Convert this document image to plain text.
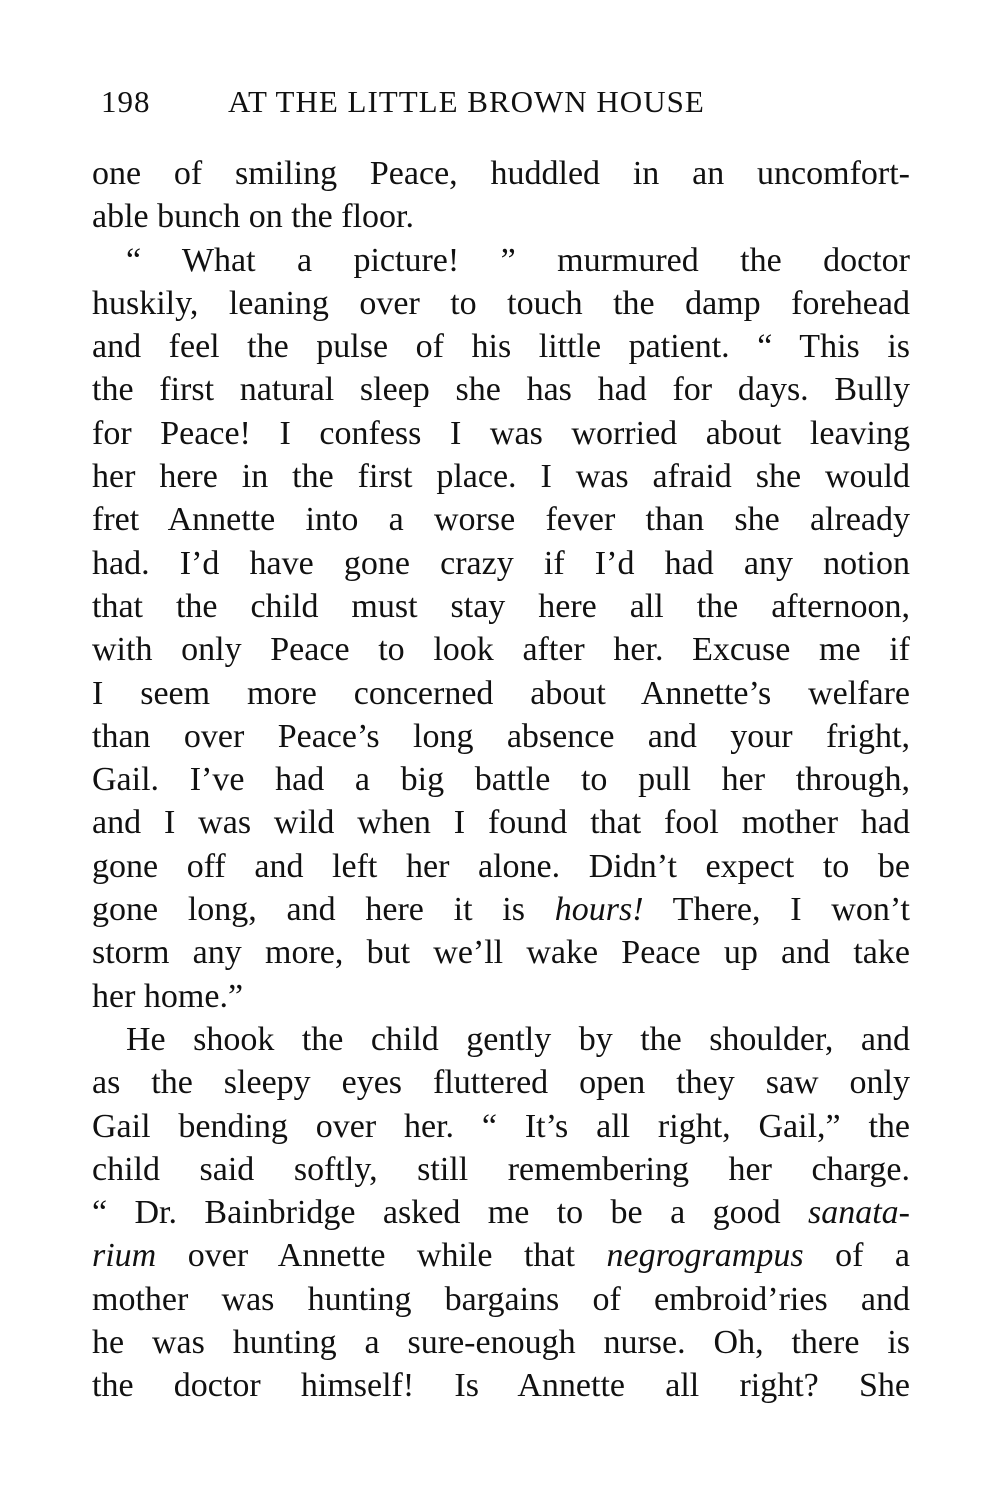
198	AT THE LITTLE BROWN HOUSE
one of smiling Peace, huddled in an uncomfort-
able bunch on the floor.
“ What a picture! ” murmured the doctor
huskily, leaning over to touch the damp forehead
and feel the pulse of his little patient. “ This is
the first natural sleep she has had for days. Bully
for Peace! I confess I was worried about leaving
her here in the first place. I was afraid she would
fret Annette into a worse fever than she already
had. I’d have gone crazy if I’d had any notion
that the child must stay here all the afternoon,
with only Peace to look after her. Excuse me if
I seem more concerned about Annette’s welfare
than over Peace’s long absence and your fright,
Gail. I’ve had a big battle to pull her through,
and I was wild when I found that fool mother had
gone off and left her alone. Didn’t expect to be
gone long, and here it is hours! There, I won’t
storm any more, but we’ll wake Peace up and take
her home.”
He shook the child gently by the shoulder, and
as the sleepy eyes fluttered open they saw only
Gail bending over her. “ It’s all right, Gail,” the
child said softly, still remembering her charge.
“ Dr. Bainbridge asked me to be a good sanata-
rium over Annette while that negrogrampus of a
mother was hunting bargains of embroid’ries and
he was hunting a sure-enough nurse. Oh, there is
the doctor himself! Is Annette all right? She
